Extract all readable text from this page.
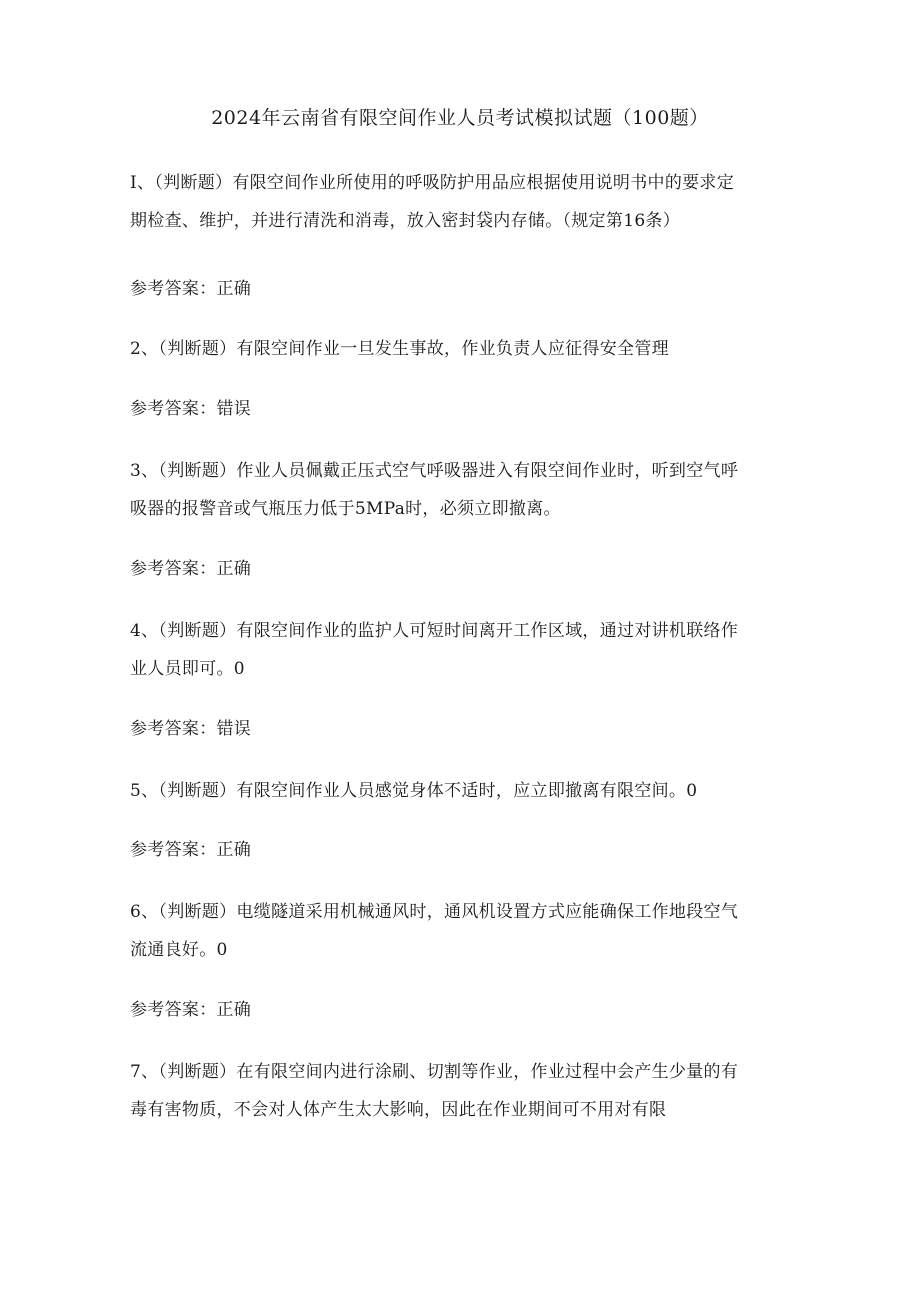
2024年云南省有限空间作业人员考试模拟试题（100题）

I、（判断题）有限空间作业所使用的呼吸防护用品应根据使用说明书中的要求定

期检查、维护，并进行清洗和消毒，放入密封袋内存储。（规定第16条）

参考答案：正确

2、（判断题）有限空间作业一旦发生事故，作业负责人应征得安全管理

参考答案：错误

3、（判断题）作业人员佩戴正压式空气呼吸器进入有限空间作业时，听到空气呼

吸器的报警音或气瓶压力低于5MPa时，必须立即撤离。

参考答案：正确

4、（判断题）有限空间作业的监护人可短时间离开工作区域，通过对讲机联络作

业人员即可。0

参考答案：错误

5、（判断题）有限空间作业人员感觉身体不适时，应立即撤离有限空间。0

参考答案：正确

6、（判断题）电缆隧道采用机械通风时，通风机设置方式应能确保工作地段空气

流通良好。0

参考答案：正确

7、（判断题）在有限空间内进行涂刷、切割等作业，作业过程中会产生少量的有

毒有害物质，不会对人体产生太大影响，因此在作业期间可不用对有限
